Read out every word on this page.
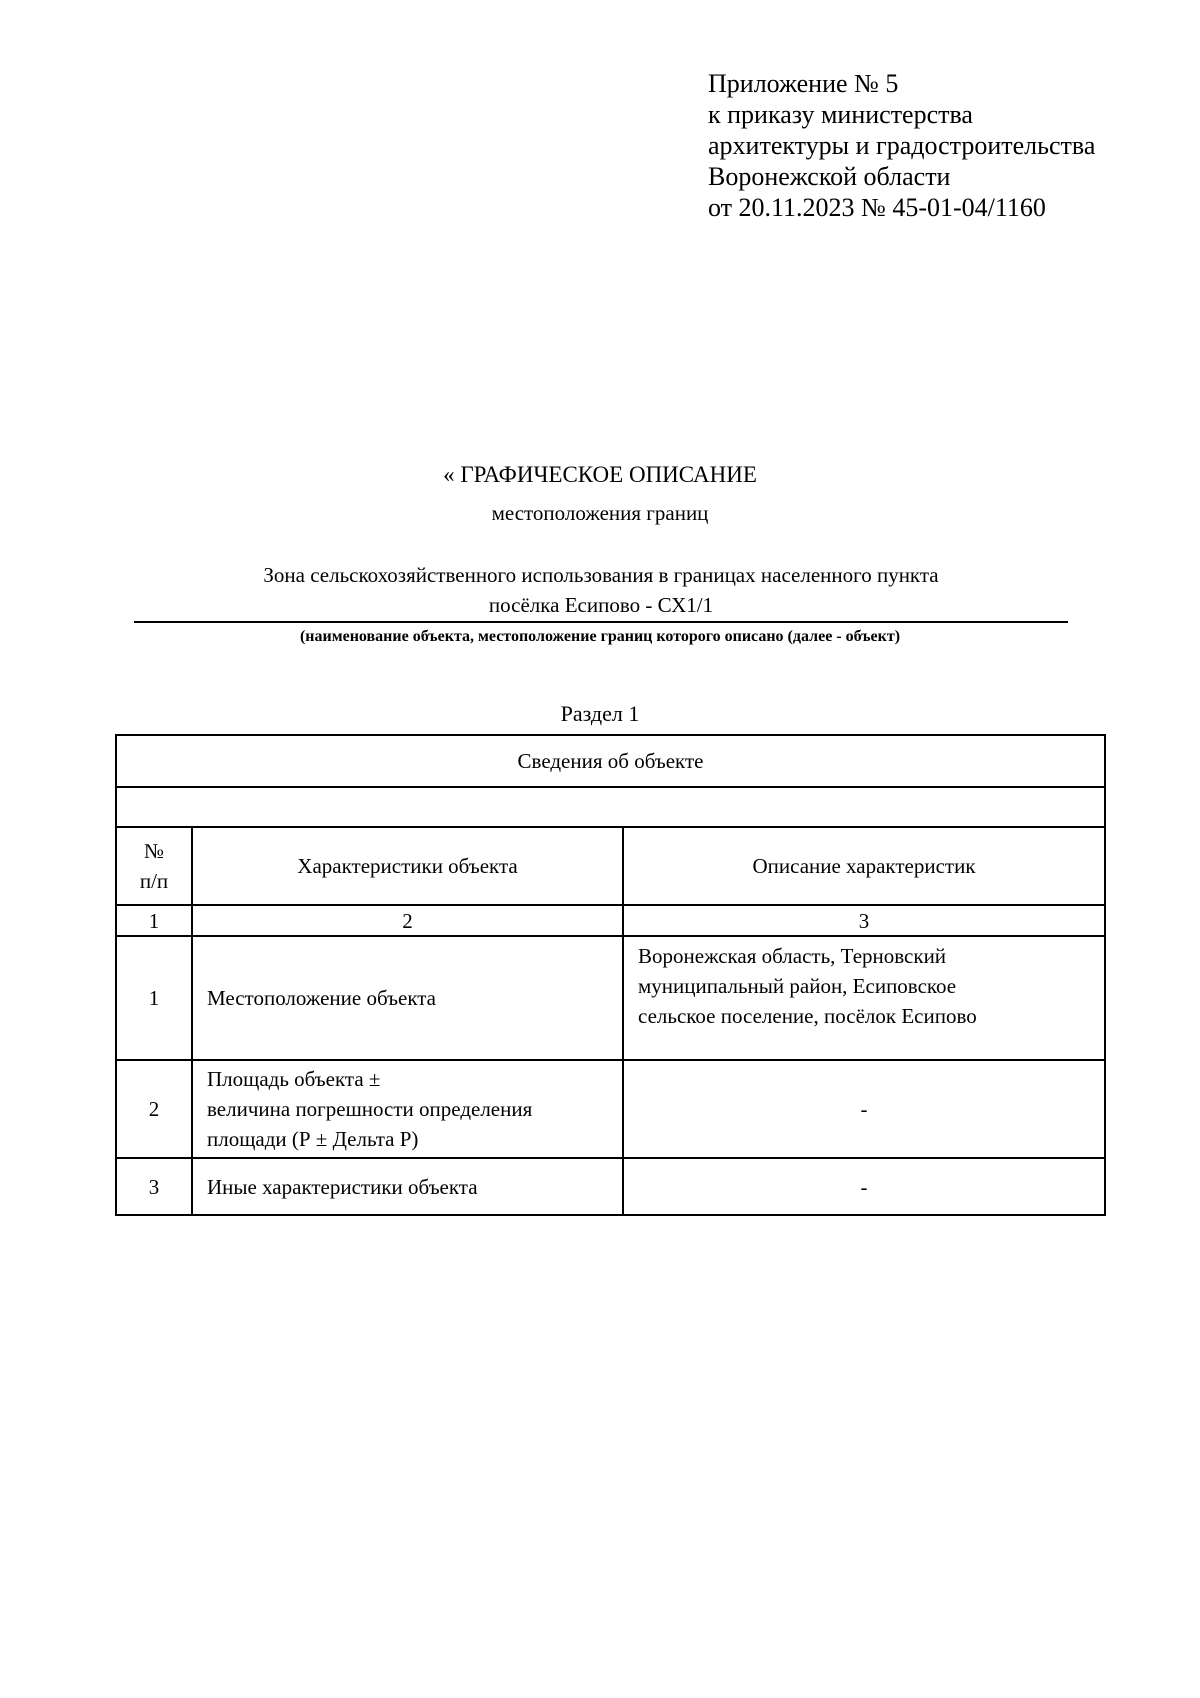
Приложение № 5
к приказу министерства
архитектуры и градостроительства
Воронежской области
от 20.11.2023 № 45-01-04/1160
« ГРАФИЧЕСКОЕ ОПИСАНИЕ
местоположения границ
Зона сельскохозяйственного использования в границах населенного пункта
посёлка Есипово - СХ1/1
(наименование объекта, местоположение границ которого описано (далее - объект)
Раздел 1
Сведения об объекте		

№
п/п	Характеристики объекта	Описание характеристик
1	2	3
1	Местоположение объекта	Воронежская область, Терновский
муниципальный район, Есиповское
сельское поселение, посёлок Есипово

2	Площадь объекта ±
величина погрешности определения
площади (Р ± Дельта Р)	-
3	Иные характеристики объекта	-
